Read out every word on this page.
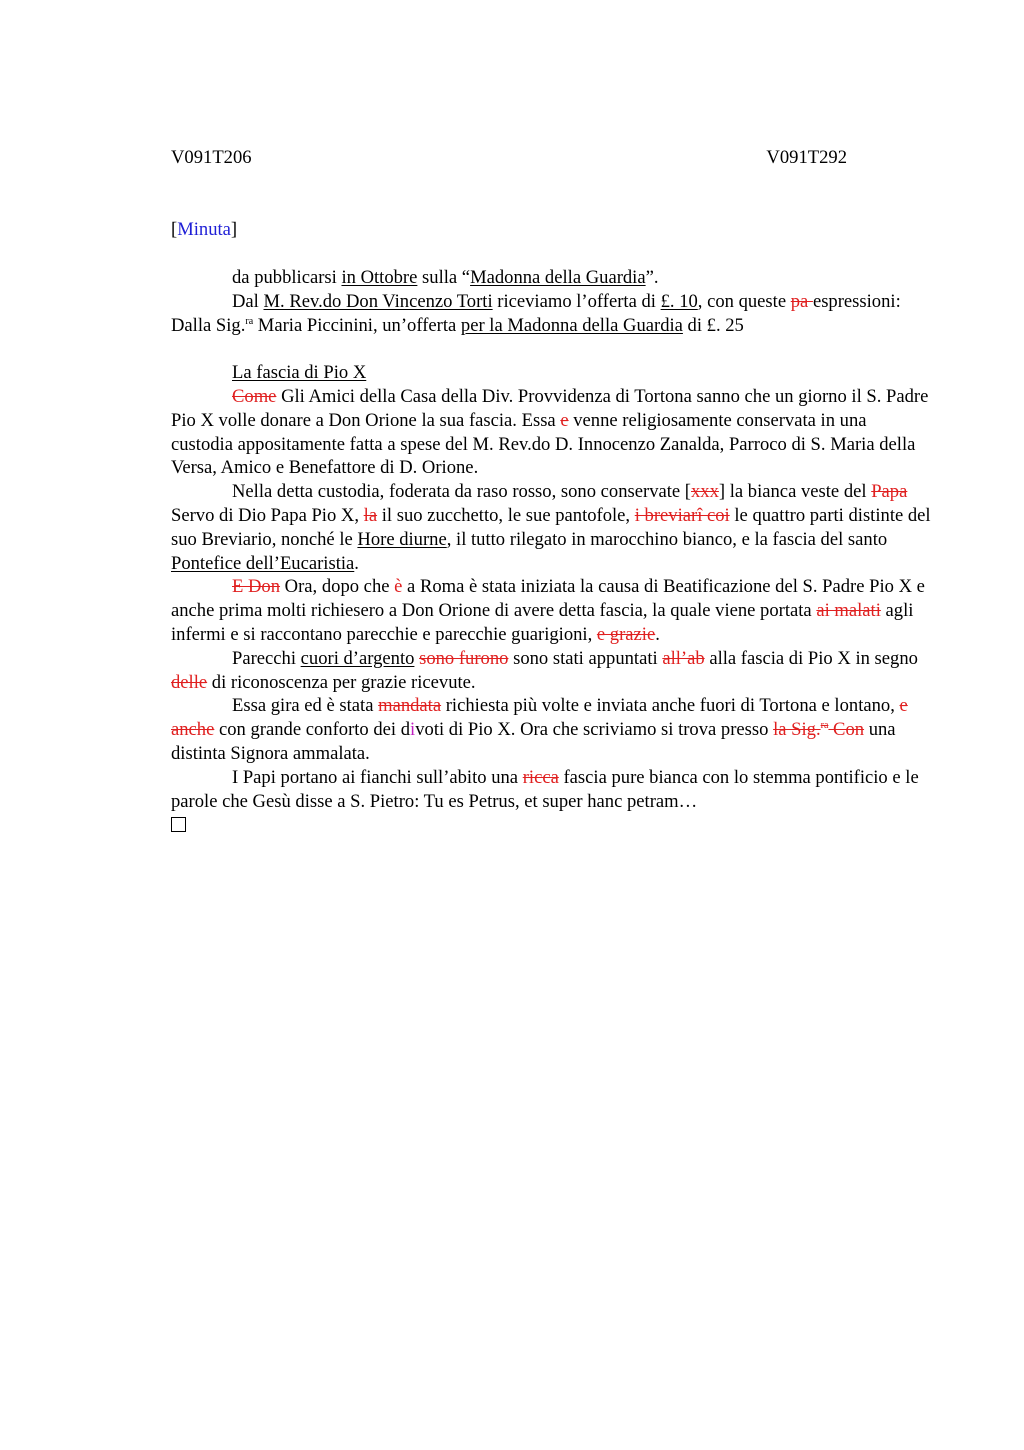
V091T206	V091T292
[Minuta]

da pubblicarsi in Ottobre sulla “Madonna della Guardia”.

Dal M. Rev.do Don Vincenzo Torti riceviamo l’offerta di £. 10, con queste pa espressioni: Dalla Sig.$^{ra}$ Maria Piccinini, un’offerta per la Madonna della Guardia di £. 25

La fascia di Pio X

Come Gli Amici della Casa della Div. Provvidenza di Tortona sanno che un giorno il S. Padre Pio X volle donare a Don Orione la sua fascia. Essa e venne religiosamente conservata in una custodia appositamente fatta a spese del M. Rev.do D. Innocenzo Zanalda, Parroco di S. Maria della Versa, Amico e Benefattore di D. Orione.

Nella detta custodia, foderata da raso rosso, sono conservate [xxx] la bianca veste del Papa Servo di Dio Papa Pio X, la il suo zucchetto, le sue pantofole, i breviarî coi le quattro parti distinte del suo Breviario, nonché le Hore diurne, il tutto rilegato in marocchino bianco, e la fascia del santo Pontefice dell’Eucaristia.

E Don Ora, dopo che è a Roma è stata iniziata la causa di Beatificazione del S. Padre Pio X e anche prima molti richiesero a Don Orione di avere detta fascia, la quale viene portata ai malati agli infermi e si raccontano parecchie e parecchie guarigioni, e grazie.

Parecchi cuori d’argento sono furono sono stati appuntati all’ab alla fascia di Pio X in segno delle di riconoscenza per grazie ricevute.

Essa gira ed è stata mandata richiesta più volte e inviata anche fuori di Tortona e lontano, e anche con grande conforto dei divoti di Pio X. Ora che scriviamo si trova presso la Sig.$^{ra}$ Con una distinta Signora ammalata.

I Papi portano ai fianchi sull’abito una ricca fascia pure bianca con lo stemma pontificio e le parole che Gesù disse a S. Pietro: Tu es Petrus, et super hanc petram…
